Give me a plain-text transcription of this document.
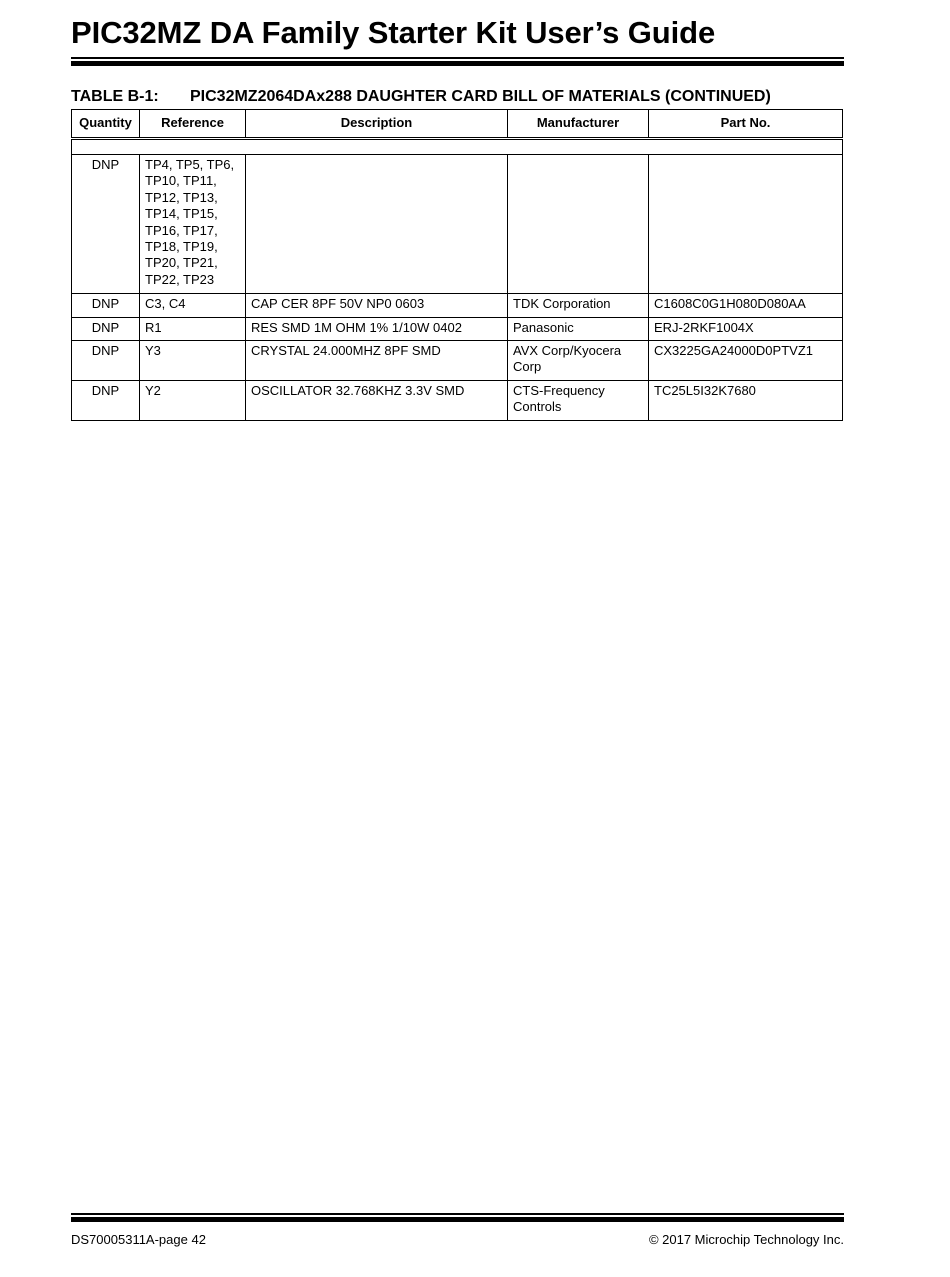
PIC32MZ DA Family Starter Kit User’s Guide
TABLE B-1: PIC32MZ2064DAx288 DAUGHTER CARD BILL OF MATERIALS (CONTINUED)
Quantity	Reference	Description	Manufacturer	Part No.

DNP	TP4, TP5, TP6, TP10, TP11, TP12, TP13, TP14, TP15, TP16, TP17, TP18, TP19, TP20, TP21, TP22, TP23			
DNP	C3, C4	CAP CER 8PF 50V NP0 0603	TDK Corporation	C1608C0G1H080D080AA
DNP	R1	RES SMD 1M OHM 1% 1/10W 0402	Panasonic	ERJ-2RKF1004X
DNP	Y3	CRYSTAL 24.000MHZ 8PF SMD	AVX Corp/Kyocera Corp	CX3225GA24000D0PTVZ1
DNP	Y2	OSCILLATOR 32.768KHZ 3.3V SMD	CTS-Frequency Controls	TC25L5I32K7680
DS70005311A-page 42	© 2017 Microchip Technology Inc.
